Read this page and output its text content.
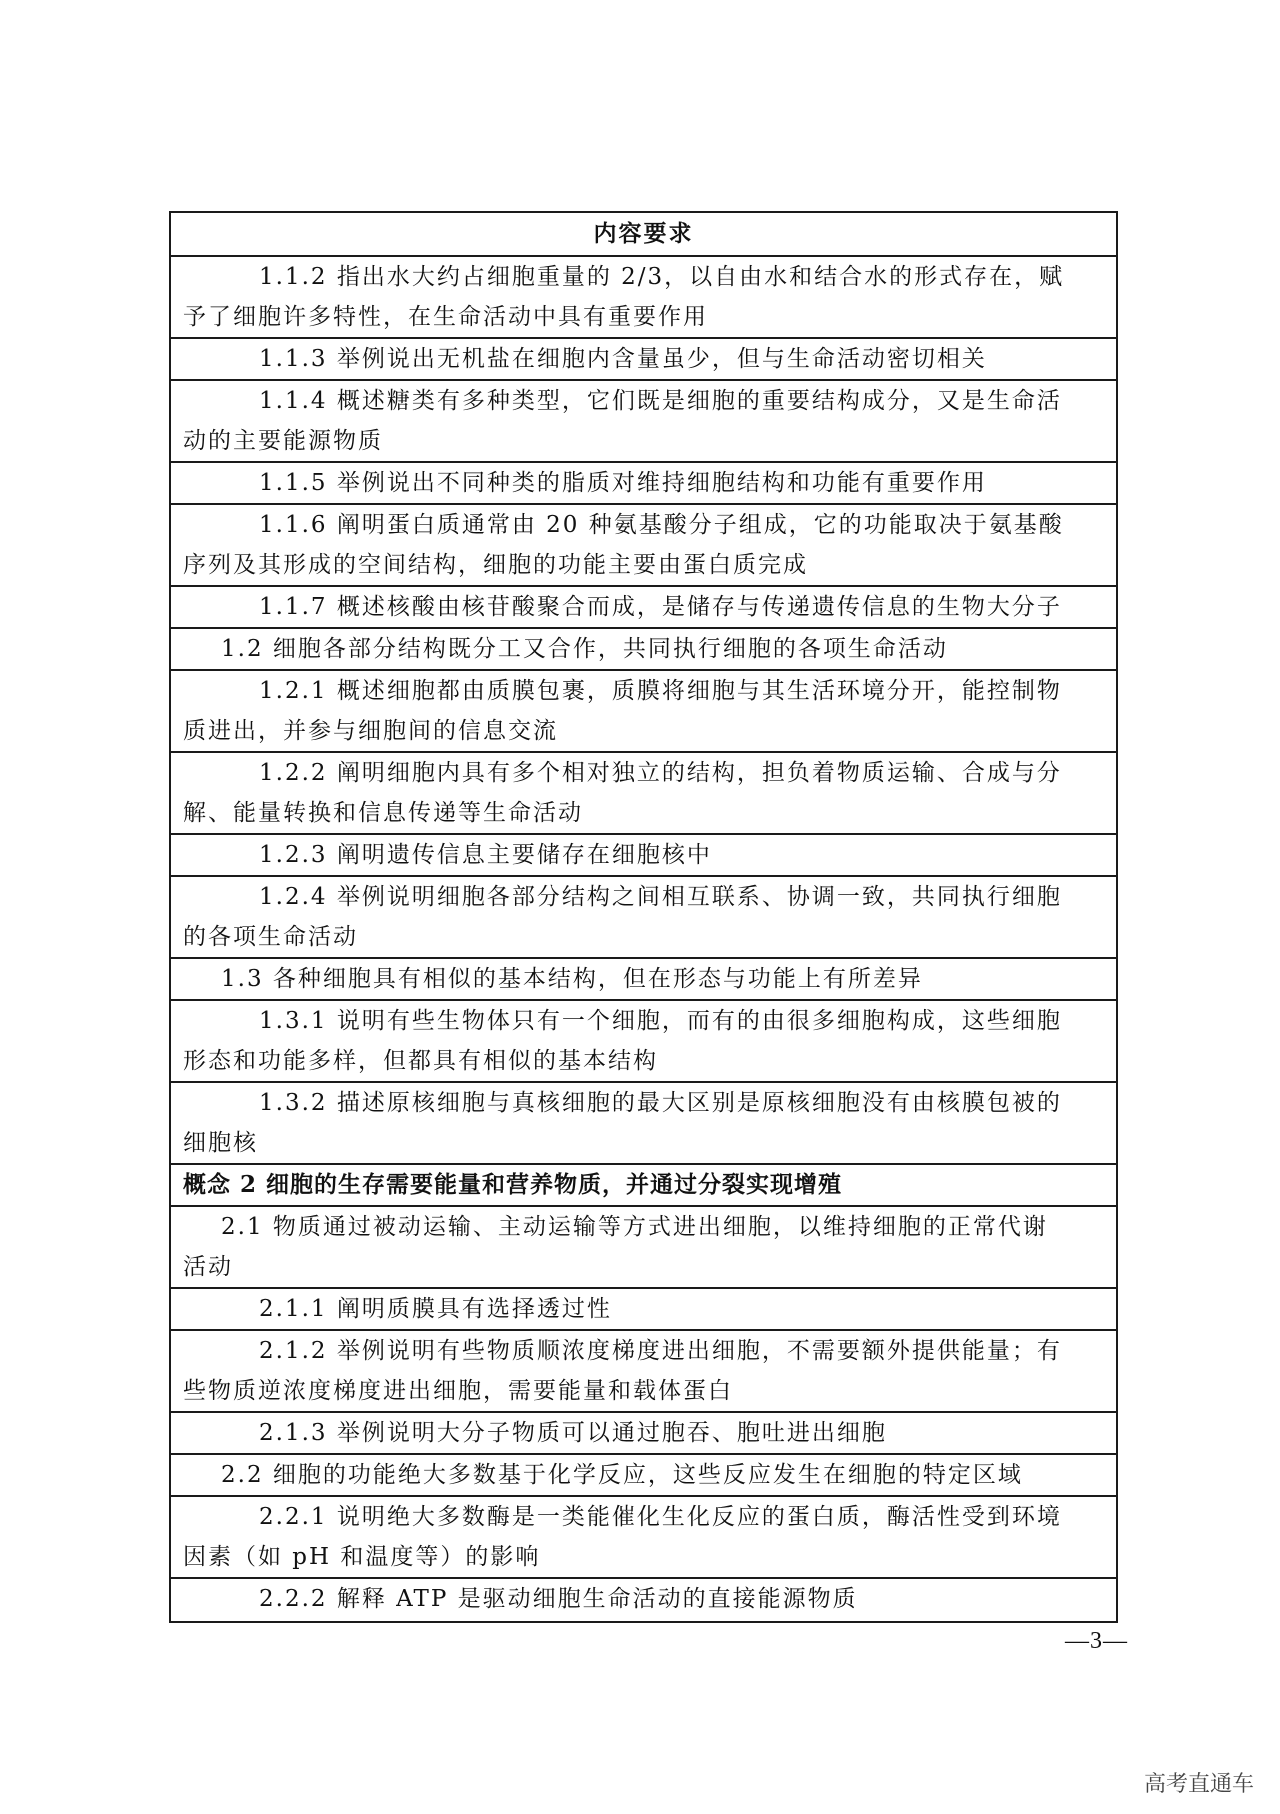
内容要求
1.1.2 指出水大约占细胞重量的 2/3，以自由水和结合水的形式存在，赋
予了细胞许多特性，在生命活动中具有重要作用
1.1.3 举例说出无机盐在细胞内含量虽少，但与生命活动密切相关
1.1.4 概述糖类有多种类型，它们既是细胞的重要结构成分，又是生命活
动的主要能源物质
1.1.5 举例说出不同种类的脂质对维持细胞结构和功能有重要作用
1.1.6 阐明蛋白质通常由 20 种氨基酸分子组成，它的功能取决于氨基酸
序列及其形成的空间结构，细胞的功能主要由蛋白质完成
1.1.7 概述核酸由核苷酸聚合而成，是储存与传递遗传信息的生物大分子
1.2 细胞各部分结构既分工又合作，共同执行细胞的各项生命活动
1.2.1 概述细胞都由质膜包裹，质膜将细胞与其生活环境分开，能控制物
质进出，并参与细胞间的信息交流
1.2.2 阐明细胞内具有多个相对独立的结构，担负着物质运输、合成与分
解、能量转换和信息传递等生命活动
1.2.3 阐明遗传信息主要储存在细胞核中
1.2.4 举例说明细胞各部分结构之间相互联系、协调一致，共同执行细胞
的各项生命活动
1.3 各种细胞具有相似的基本结构，但在形态与功能上有所差异
1.3.1 说明有些生物体只有一个细胞，而有的由很多细胞构成，这些细胞
形态和功能多样，但都具有相似的基本结构
1.3.2 描述原核细胞与真核细胞的最大区别是原核细胞没有由核膜包被的
细胞核
概念 2 细胞的生存需要能量和营养物质，并通过分裂实现增殖
2.1 物质通过被动运输、主动运输等方式进出细胞，以维持细胞的正常代谢
活动
2.1.1 阐明质膜具有选择透过性
2.1.2 举例说明有些物质顺浓度梯度进出细胞，不需要额外提供能量；有
些物质逆浓度梯度进出细胞，需要能量和载体蛋白
2.1.3 举例说明大分子物质可以通过胞吞、胞吐进出细胞
2.2 细胞的功能绝大多数基于化学反应，这些反应发生在细胞的特定区域
2.2.1 说明绝大多数酶是一类能催化生化反应的蛋白质，酶活性受到环境
因素（如 pH 和温度等）的影响
2.2.2 解释 ATP 是驱动细胞生命活动的直接能源物质
—3—
高考直通车
